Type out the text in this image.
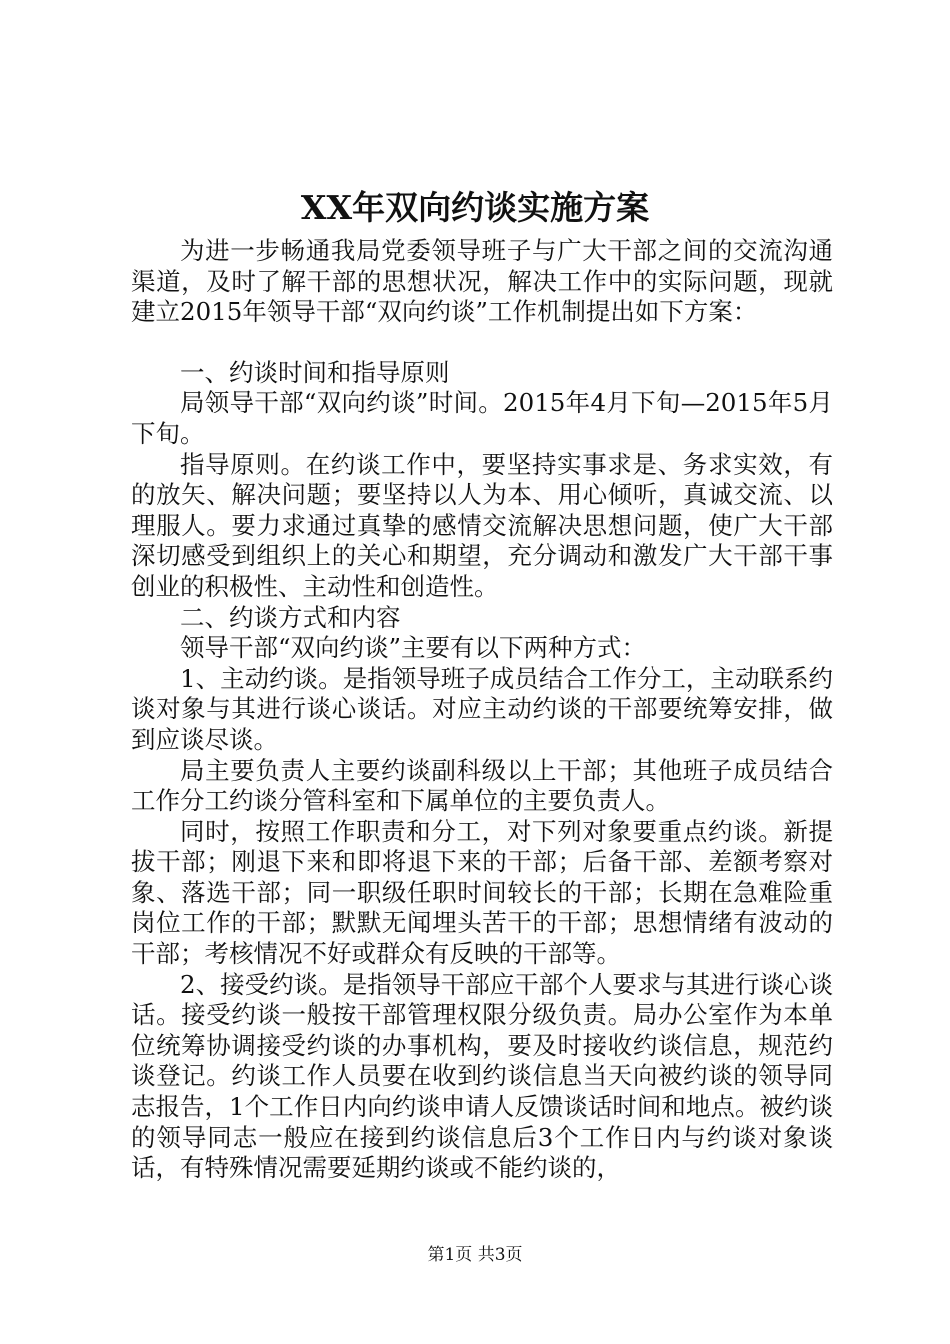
XX年双向约谈实施方案

为进一步畅通我局党委领导班子与广大干部之间的交流沟通渠道，及时了解干部的思想状况，解决工作中的实际问题，现就建立2015年领导干部“双向约谈”工作机制提出如下方案：

一、约谈时间和指导原则

局领导干部“双向约谈”时间。2015年4月下旬—2015年5月下旬。

指导原则。在约谈工作中，要坚持实事求是、务求实效，有的放矢、解决问题；要坚持以人为本、用心倾听，真诚交流、以理服人。要力求通过真挚的感情交流解决思想问题，使广大干部深切感受到组织上的关心和期望，充分调动和激发广大干部干事创业的积极性、主动性和创造性。

二、约谈方式和内容

领导干部“双向约谈”主要有以下两种方式：

1、主动约谈。是指领导班子成员结合工作分工，主动联系约谈对象与其进行谈心谈话。对应主动约谈的干部要统筹安排，做到应谈尽谈。

局主要负责人主要约谈副科级以上干部；其他班子成员结合工作分工约谈分管科室和下属单位的主要负责人。

同时，按照工作职责和分工，对下列对象要重点约谈。新提拔干部；刚退下来和即将退下来的干部；后备干部、差额考察对象、落选干部；同一职级任职时间较长的干部；长期在急难险重岗位工作的干部；默默无闻埋头苦干的干部；思想情绪有波动的干部；考核情况不好或群众有反映的干部等。

2、接受约谈。是指领导干部应干部个人要求与其进行谈心谈话。接受约谈一般按干部管理权限分级负责。局办公室作为本单位统筹协调接受约谈的办事机构，要及时接收约谈信息，规范约谈登记。约谈工作人员要在收到约谈信息当天向被约谈的领导同志报告，1个工作日内向约谈申请人反馈谈话时间和地点。被约谈的领导同志一般应在接到约谈信息后3个工作日内与约谈对象谈话，有特殊情况需要延期约谈或不能约谈的，

第1页 共3页
